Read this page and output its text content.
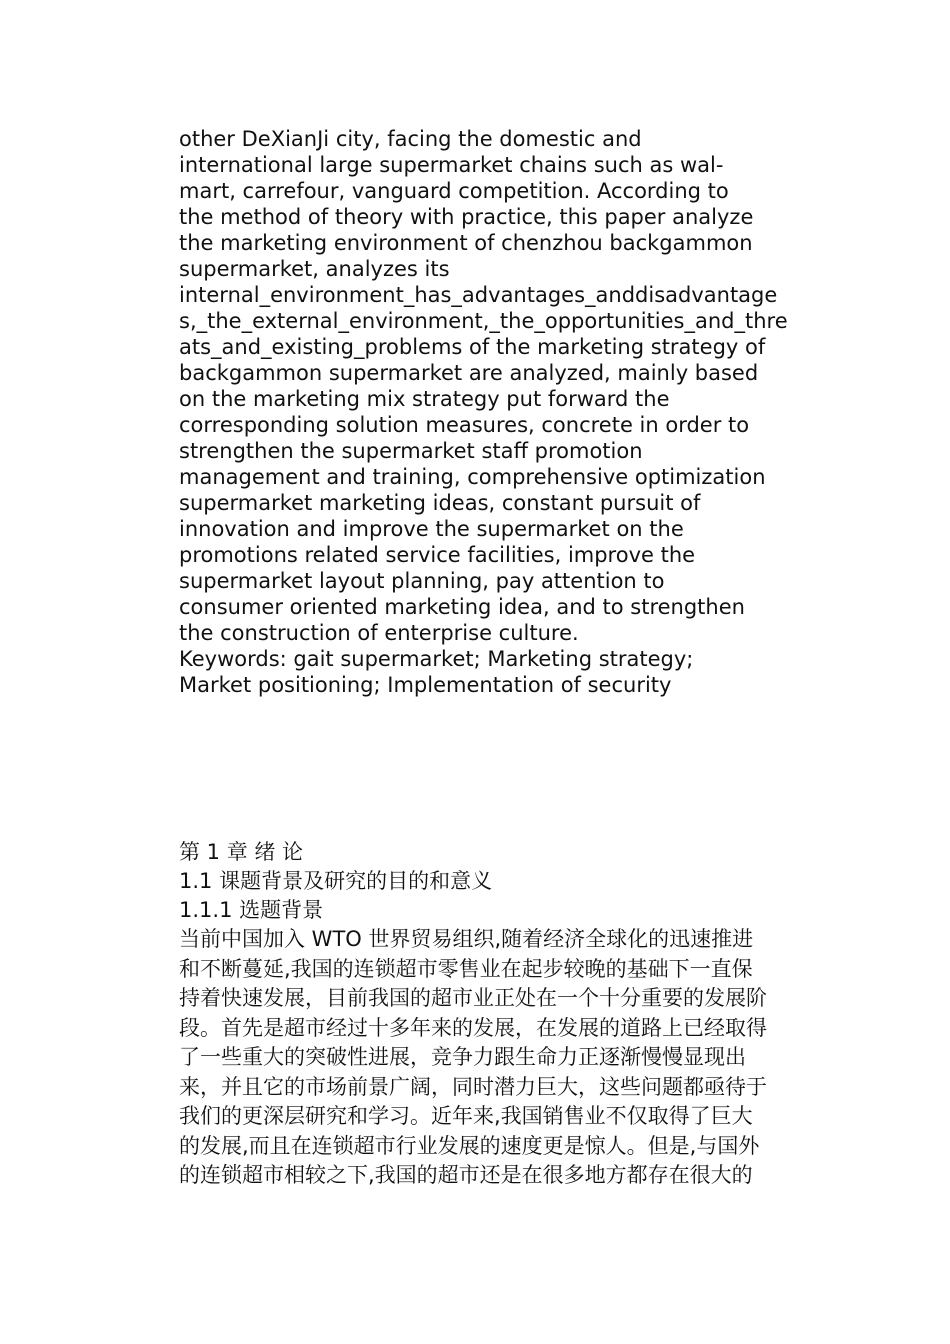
other DeXianJi city, facing the domestic and
international large supermarket chains such as wal-
mart, carrefour, vanguard competition. According to
the method of theory with practice, this paper analyze
the marketing environment of chenzhou backgammon
supermarket, analyzes its
internal_environment_has_advantages_anddisadvantage
s,_the_external_environment,_the_opportunities_and_thre
ats_and_existing_problems of the marketing strategy of
backgammon supermarket are analyzed, mainly based
on the marketing mix strategy put forward the
corresponding solution measures, concrete in order to
strengthen the supermarket staff promotion
management and training, comprehensive optimization
supermarket marketing ideas, constant pursuit of
innovation and improve the supermarket on the
promotions related service facilities, improve the
supermarket layout planning, pay attention to
consumer oriented marketing idea, and to strengthen
the construction of enterprise culture.
Keywords: gait supermarket; Marketing strategy;
Market positioning; Implementation of security
第 1 章 绪 论
1.1 课题背景及研究的目的和意义
1.1.1 选题背景
当前中国加入 WTO 世界贸易组织,随着经济全球化的迅速推进
和不断蔓延,我国的连锁超市零售业在起步较晚的基础下一直保
持着快速发展，目前我国的超市业正处在一个十分重要的发展阶
段。首先是超市经过十多年来的发展，在发展的道路上已经取得
了一些重大的突破性进展，竞争力跟生命力正逐渐慢慢显现出
来，并且它的市场前景广阔，同时潜力巨大，这些问题都亟待于
我们的更深层研究和学习。近年来,我国销售业不仅取得了巨大
的发展,而且在连锁超市行业发展的速度更是惊人。但是,与国外
的连锁超市相较之下,我国的超市还是在很多地方都存在很大的
